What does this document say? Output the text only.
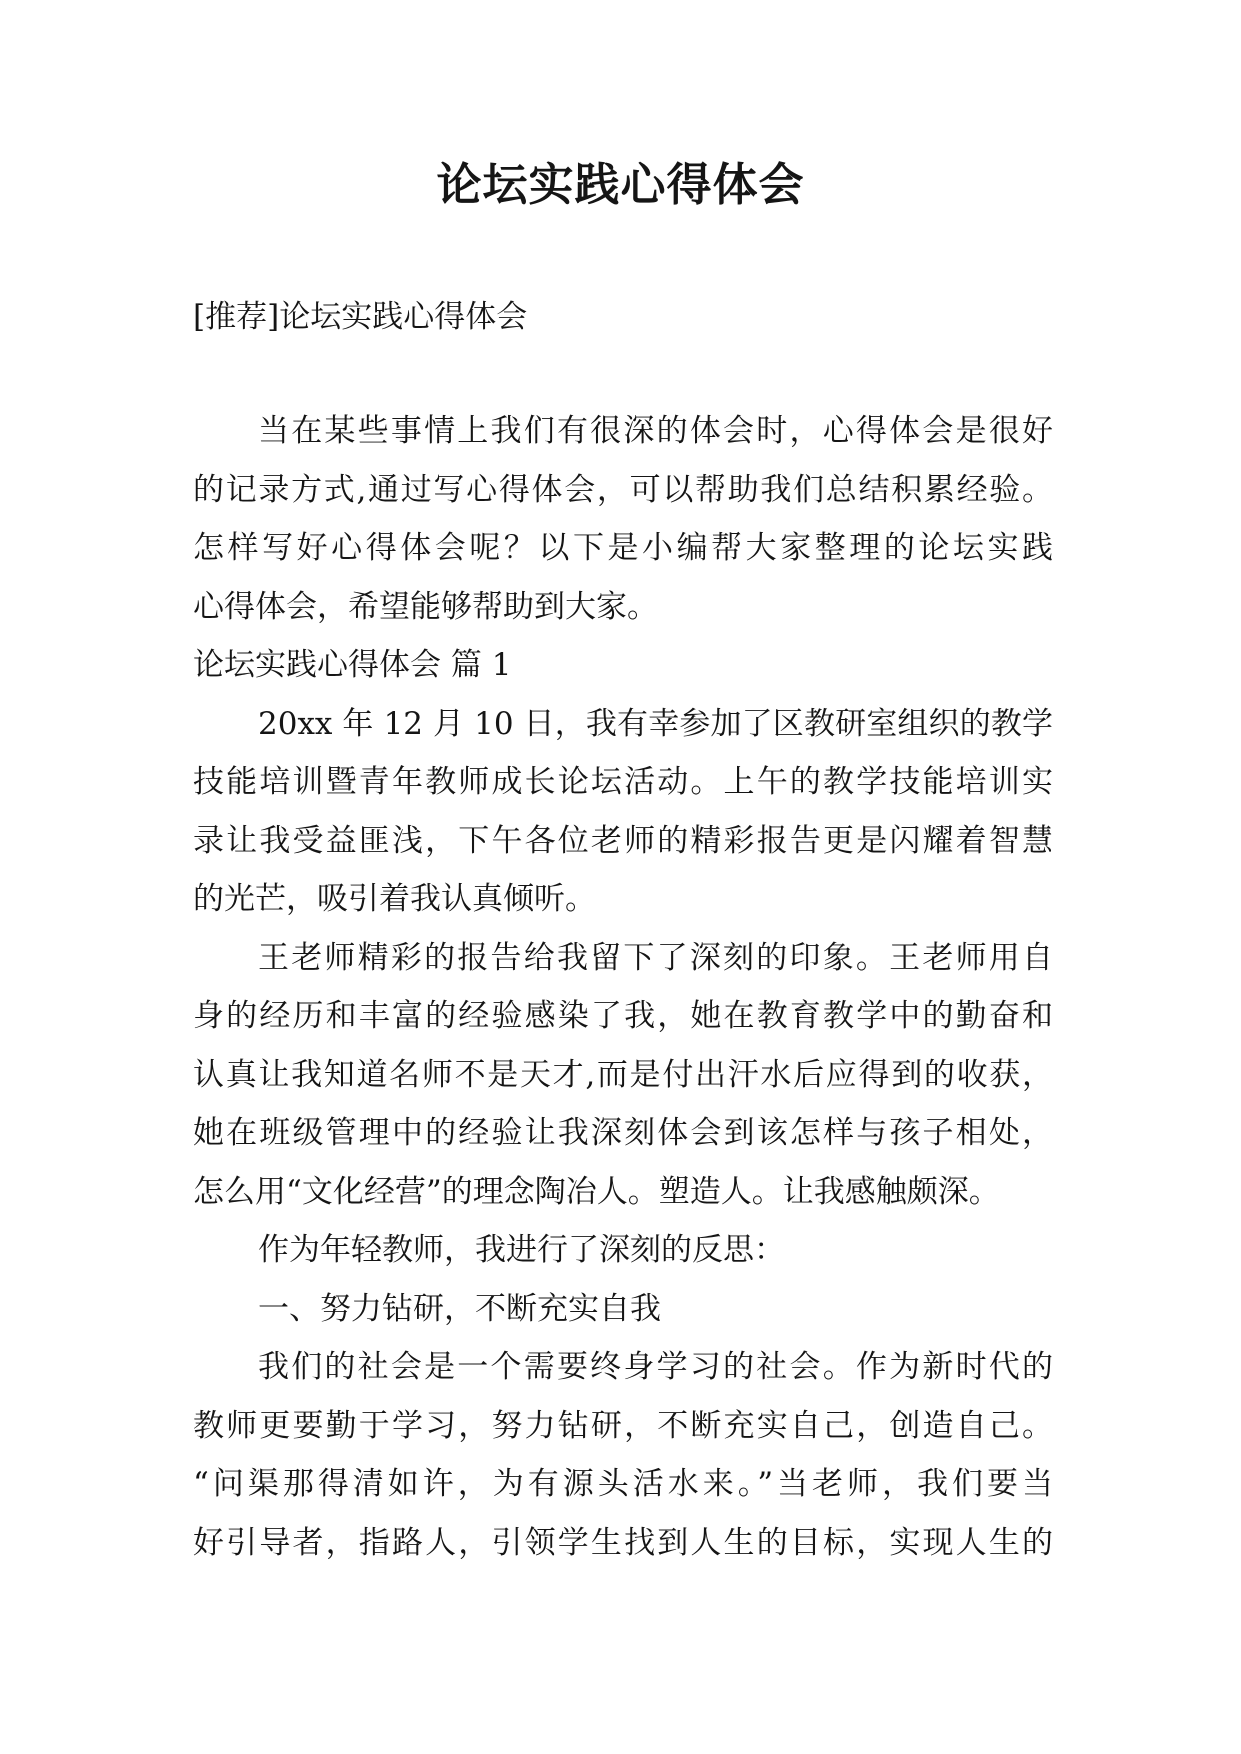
论坛实践心得体会
[推荐]论坛实践心得体会
当在某些事情上我们有很深的体会时，心得体会是很好
的记录方式,通过写心得体会，可以帮助我们总结积累经验。
怎样写好心得体会呢？以下是小编帮大家整理的论坛实践
心得体会，希望能够帮助到大家。
论坛实践心得体会 篇 1
20xx 年 12 月 10 日，我有幸参加了区教研室组织的教学
技能培训暨青年教师成长论坛活动。上午的教学技能培训实
录让我受益匪浅，下午各位老师的精彩报告更是闪耀着智慧
的光芒，吸引着我认真倾听。
王老师精彩的报告给我留下了深刻的印象。王老师用自
身的经历和丰富的经验感染了我，她在教育教学中的勤奋和
认真让我知道名师不是天才,而是付出汗水后应得到的收获，
她在班级管理中的经验让我深刻体会到该怎样与孩子相处，
怎么用“文化经营”的理念陶冶人。塑造人。让我感触颇深。
作为年轻教师，我进行了深刻的反思：
一、努力钻研，不断充实自我
我们的社会是一个需要终身学习的社会。作为新时代的
教师更要勤于学习，努力钻研，不断充实自己，创造自己。
“问渠那得清如许，为有源头活水来。”当老师，我们要当
好引导者，指路人，引领学生找到人生的目标，实现人生的
